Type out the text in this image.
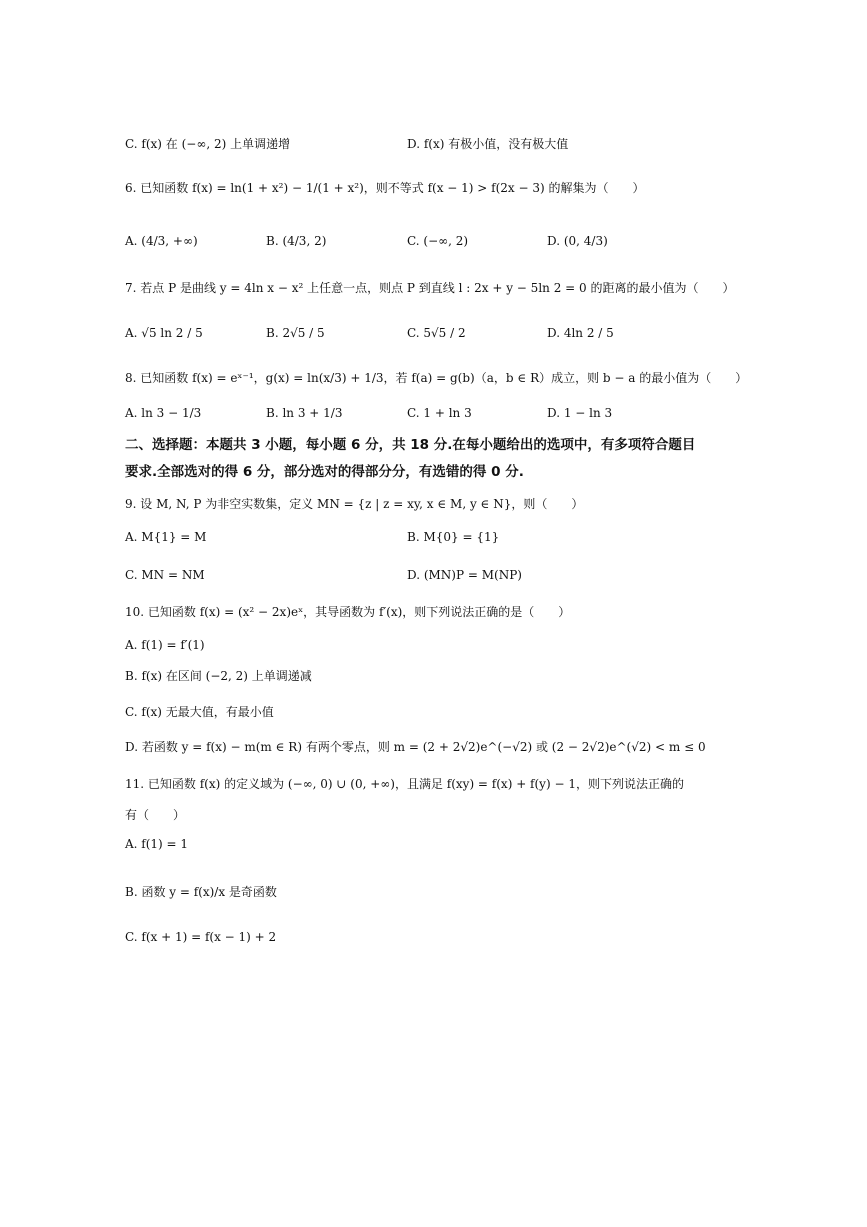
C. f(x) 在 (−∞, 2) 上单调递增	D. f(x) 有极小值，没有极大值
6. 已知函数 f(x) = ln(1 + x²) − 1/(1 + x²)，则不等式 f(x − 1) > f(2x − 3) 的解集为（　　）
A. (4/3, +∞)	B. (4/3, 2)	C. (−∞, 2)	D. (0, 4/3)
7. 若点 P 是曲线 y = 4ln x − x² 上任意一点，则点 P 到直线 l : 2x + y − 5ln 2 = 0 的距离的最小值为（　　）
A. √5 ln 2 / 5	B. 2√5 / 5	C. 5√5 / 2	D. 4ln 2 / 5
8. 已知函数 f(x) = eˣ⁻¹，g(x) = ln(x/3) + 1/3，若 f(a) = g(b)（a，b ∈ R）成立，则 b − a 的最小值为（　　）
A. ln 3 − 1/3	B. ln 3 + 1/3	C. 1 + ln 3	D. 1 − ln 3
二、选择题：本题共 3 小题，每小题 6 分，共 18 分.在每小题给出的选项中，有多项符合题目
要求.全部选对的得 6 分，部分选对的得部分分，有选错的得 0 分.
9. 设 M, N, P 为非空实数集，定义 MN = {z | z = xy, x ∈ M, y ∈ N}，则（　　）
A. M{1} = M	B. M{0} = {1}
C. MN = NM	D. (MN)P = M(NP)
10. 已知函数 f(x) = (x² − 2x)eˣ，其导函数为 f′(x)，则下列说法正确的是（　　）
A. f(1) = f′(1)
B. f(x) 在区间 (−2, 2) 上单调递减
C. f(x) 无最大值，有最小值
D. 若函数 y = f(x) − m(m ∈ R) 有两个零点，则 m = (2 + 2√2)e^(−√2) 或 (2 − 2√2)e^(√2) < m ≤ 0
11. 已知函数 f(x) 的定义域为 (−∞, 0) ∪ (0, +∞)，且满足 f(xy) = f(x) + f(y) − 1，则下列说法正确的
有（　　）
A. f(1) = 1
B. 函数 y = f(x)/x 是奇函数
C. f(x + 1) = f(x − 1) + 2
